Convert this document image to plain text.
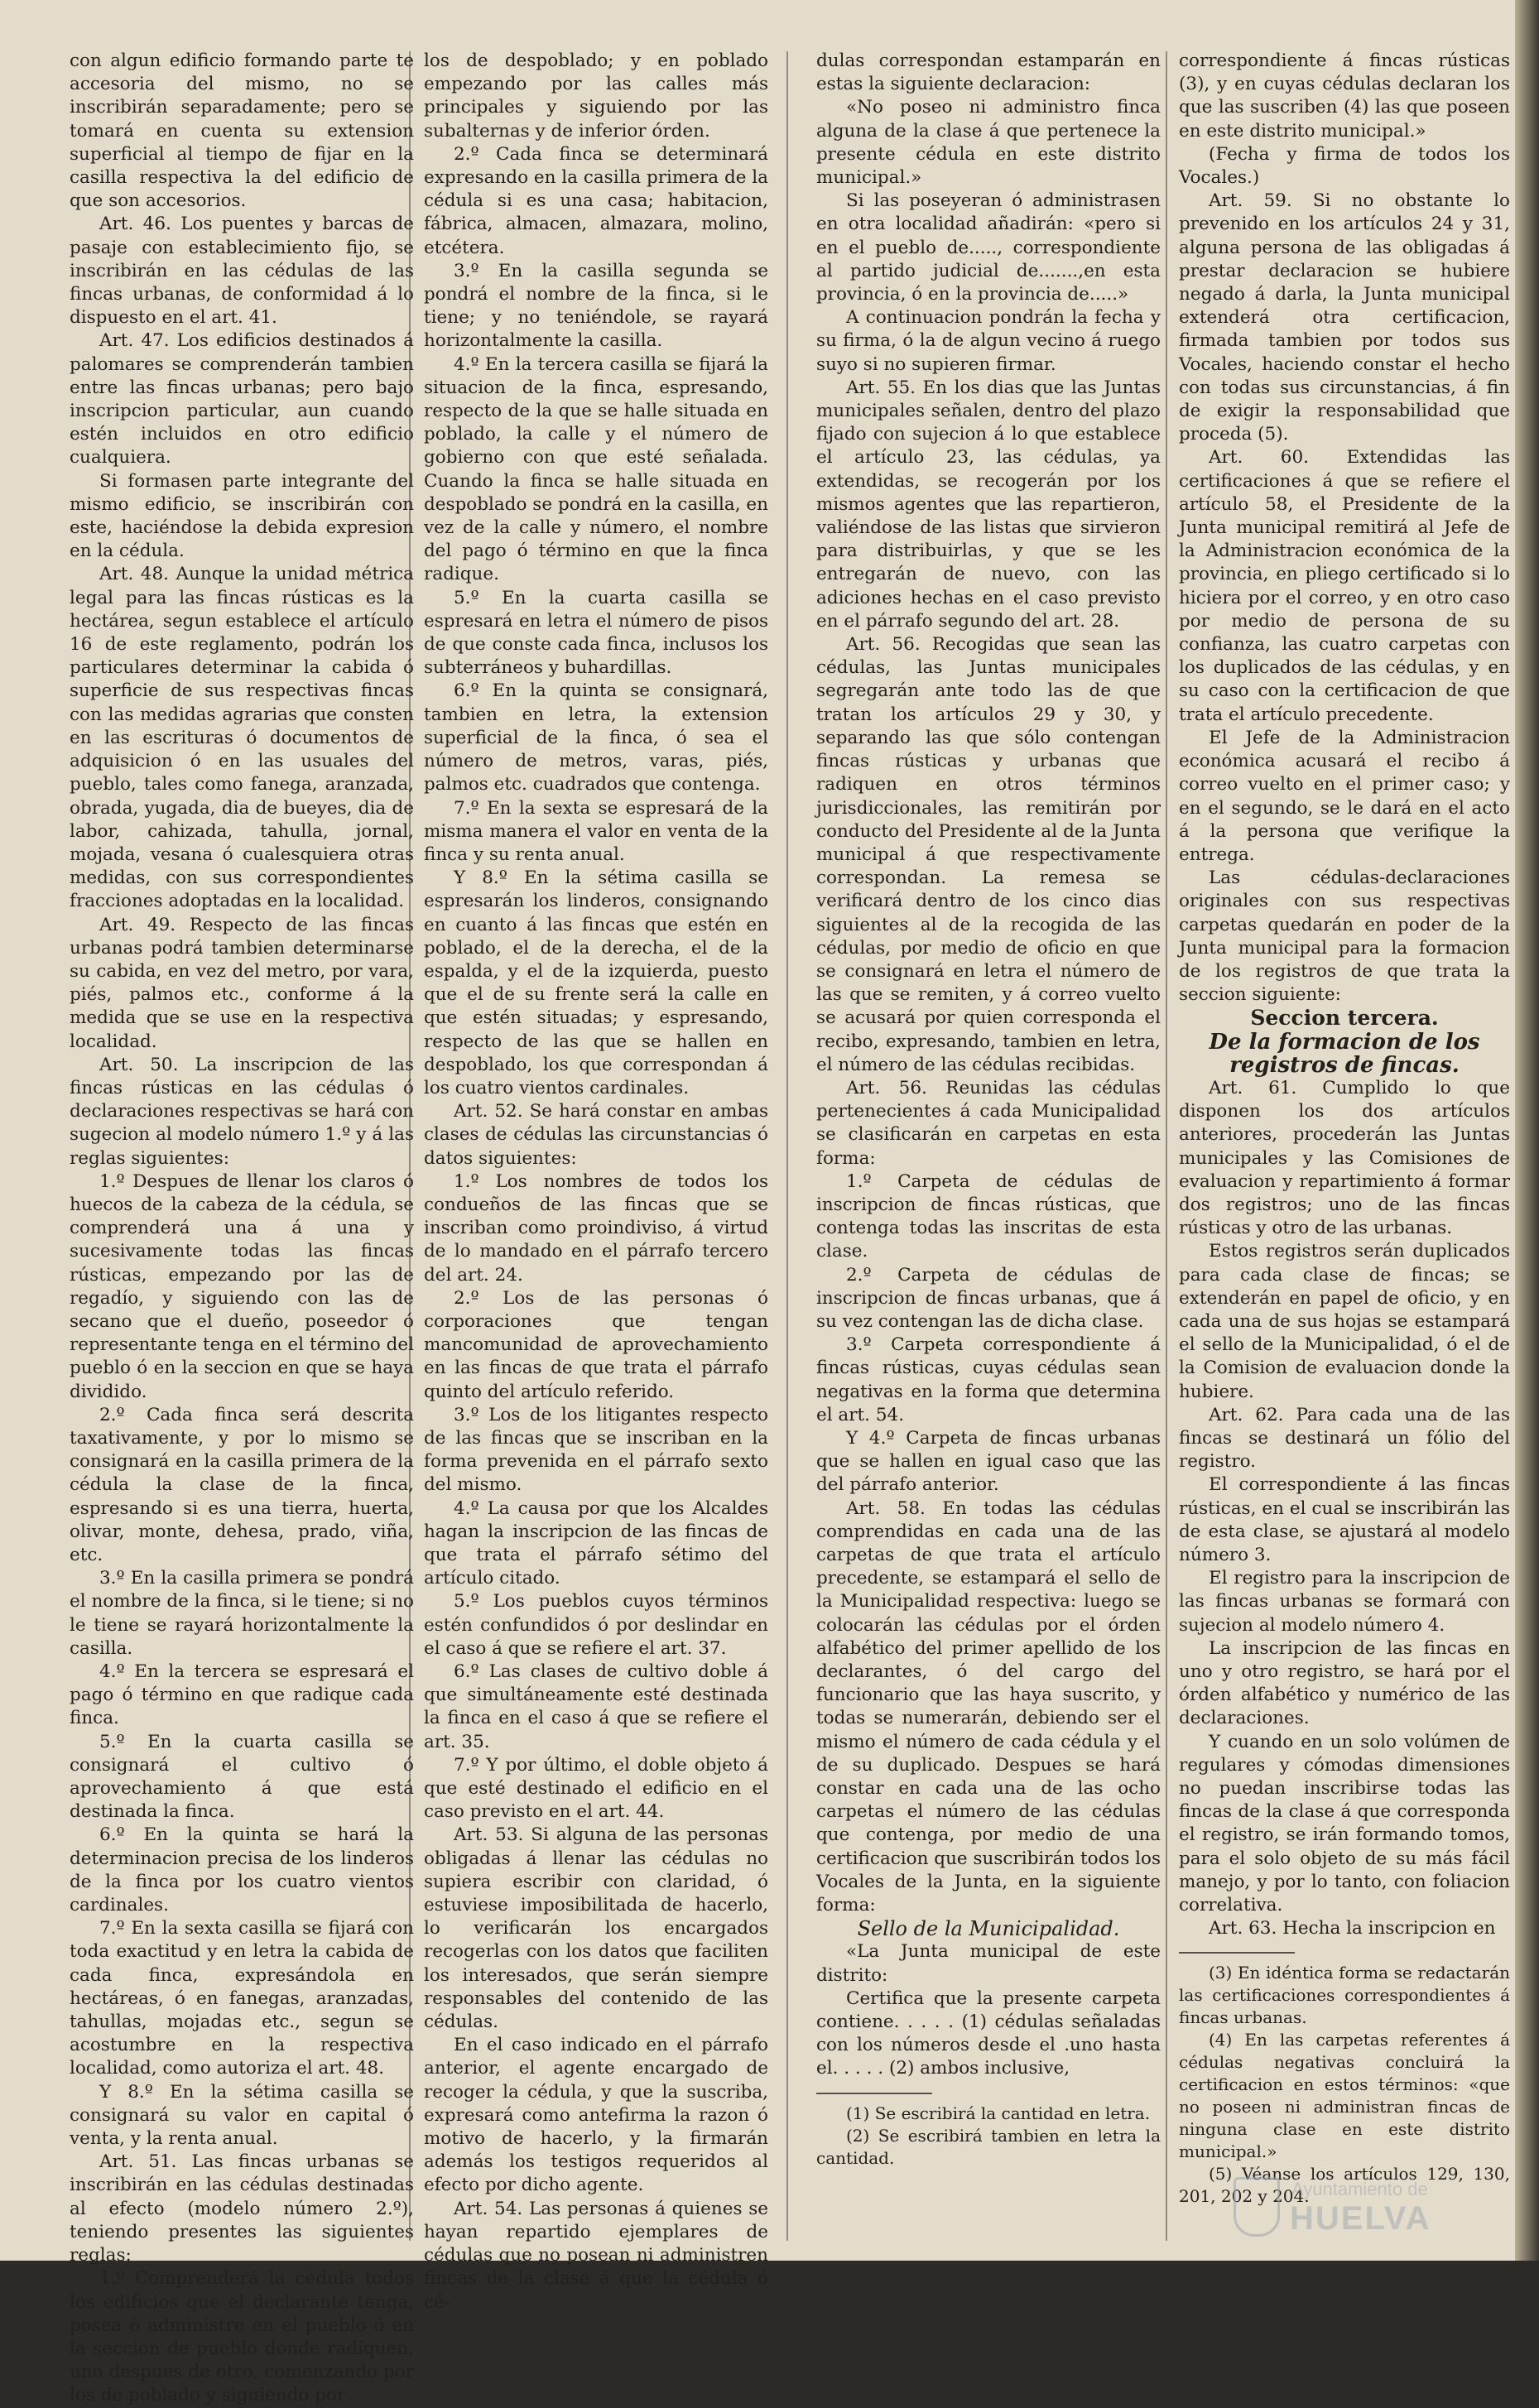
con algun edificio formando parte te accesoria del mismo, no se inscribirán separadamente; pero se tomará en cuenta su extension superficial al tiempo de fijar en la casilla respectiva la del edificio de que son accesorios.

Art. 46. Los puentes y barcas de pasaje con establecimiento fijo, se inscribirán en las cédulas de las fincas urbanas, de conformidad á lo dispuesto en el art. 41.

Art. 47. Los edificios destinados á palomares se comprenderán tambien entre las fincas urbanas; pero bajo inscripcion particular, aun cuando estén incluidos en otro edificio cualquiera.

Si formasen parte integrante del mismo edificio, se inscribirán con este, haciéndose la debida expresion en la cédula.

Art. 48. Aunque la unidad métrica legal para las fincas rústicas es la hectárea, segun establece el artículo 16 de este reglamento, podrán los particulares determinar la cabida ó superficie de sus respectivas fincas con las medidas agrarias que consten en las escrituras ó documentos de adquisicion ó en las usuales del pueblo, tales como fanega, aranzada, obrada, yugada, dia de bueyes, dia de labor, cahizada, tahulla, jornal, mojada, vesana ó cualesquiera otras medidas, con sus correspondientes fracciones adoptadas en la localidad.

Art. 49. Respecto de las fincas urbanas podrá tambien determinarse su cabida, en vez del metro, por vara, piés, palmos etc., conforme á la medida que se use en la respectiva localidad.

Art. 50. La inscripcion de las fincas rústicas en las cédulas ó declaraciones respectivas se hará con sugecion al modelo número 1.º y á las reglas siguientes:

1.º Despues de llenar los claros ó huecos de la cabeza de la cédula, se comprenderá una á una y sucesivamente todas las fincas rústicas, empezando por las de regadío, y siguiendo con las de secano que el dueño, poseedor ó representante tenga en el término del pueblo ó en la seccion en que se haya dividido.

2.º Cada finca será descrita taxativamente, y por lo mismo se consignará en la casilla primera de la cédula la clase de la finca, espresando si es una tierra, huerta, olivar, monte, dehesa, prado, viña, etc.

3.º En la casilla primera se pondrá el nombre de la finca, si le tiene; si no le tiene se rayará horizontalmente la casilla.

4.º En la tercera se espresará el pago ó término en que radique cada finca.

5.º En la cuarta casilla se consignará el cultivo ó aprovechamiento á que está destinada la finca.

6.º En la quinta se hará la determinacion precisa de los linderos de la finca por los cuatro vientos cardinales.

7.º En la sexta casilla se fijará con toda exactitud y en letra la cabida de cada finca, expresándola en hectáreas, ó en fanegas, aranzadas, tahullas, mojadas etc., segun se acostumbre en la respectiva localidad, como autoriza el art. 48.

Y 8.º En la sétima casilla se consignará su valor en capital ó venta, y la renta anual.

Art. 51. Las fincas urbanas se inscribirán en las cédulas destinadas al efecto (modelo número 2.º), teniendo presentes las siguientes reglas:

1.º Comprenderá la cédula todos los edificios que el declarante tenga, posea ó administre en el pueblo ó en la seccion de pueblo donde radiquen, uno despues de otro, comenzando por los de poblado y siguiendo por

los de despoblado; y en poblado empezando por las calles más principales y siguiendo por las subalternas y de inferior órden.

2.º Cada finca se determinará expresando en la casilla primera de la cédula si es una casa; habitacion, fábrica, almacen, almazara, molino, etcétera.

3.º En la casilla segunda se pondrá el nombre de la finca, si le tiene; y no teniéndole, se rayará horizontalmente la casilla.

4.º En la tercera casilla se fijará la situacion de la finca, espresando, respecto de la que se halle situada en poblado, la calle y el número de gobierno con que esté señalada. Cuando la finca se halle situada en despoblado se pondrá en la casilla, en vez de la calle y número, el nombre del pago ó término en que la finca radique.

5.º En la cuarta casilla se espresará en letra el número de pisos de que conste cada finca, inclusos los subterráneos y buhardillas.

6.º En la quinta se consignará, tambien en letra, la extension superficial de la finca, ó sea el número de metros, varas, piés, palmos etc. cuadrados que contenga.

7.º En la sexta se espresará de la misma manera el valor en venta de la finca y su renta anual.

Y 8.º En la sétima casilla se espresarán los linderos, consignando en cuanto á las fincas que estén en poblado, el de la derecha, el de la espalda, y el de la izquierda, puesto que el de su frente será la calle en que estén situadas; y espresando, respecto de las que se hallen en despoblado, los que correspondan á los cuatro vientos cardinales.

Art. 52. Se hará constar en ambas clases de cédulas las circunstancias ó datos siguientes:

1.º Los nombres de todos los condueños de las fincas que se inscriban como proindiviso, á virtud de lo mandado en el párrafo tercero del art. 24.

2.º Los de las personas ó corporaciones que tengan mancomunidad de aprovechamiento en las fincas de que trata el párrafo quinto del artículo referido.

3.º Los de los litigantes respecto de las fincas que se inscriban en la forma prevenida en el párrafo sexto del mismo.

4.º La causa por que los Alcaldes hagan la inscripcion de las fincas de que trata el párrafo sétimo del artículo citado.

5.º Los pueblos cuyos términos estén confundidos ó por deslindar en el caso á que se refiere el art. 37.

6.º Las clases de cultivo doble á que simultáneamente esté destinada la finca en el caso á que se refiere el art. 35.

7.º Y por último, el doble objeto á que esté destinado el edificio en el caso previsto en el art. 44.

Art. 53. Si alguna de las personas obligadas á llenar las cédulas no supiera escribir con claridad, ó estuviese imposibilitada de hacerlo, lo verificarán los encargados recogerlas con los datos que faciliten los interesados, que serán siempre responsables del contenido de las cédulas.

En el caso indicado en el párrafo anterior, el agente encargado de recoger la cédula, y que la suscriba, expresará como antefirma la razon ó motivo de hacerlo, y la firmarán además los testigos requeridos al efecto por dicho agente.

Art. 54. Las personas á quienes se hayan repartido ejemplares de cédulas que no posean ni administren fincas de la clase á que la cédula ó cé-

dulas correspondan estamparán en estas la siguiente declaracion:

«No poseo ni administro finca alguna de la clase á que pertenece la presente cédula en este distrito municipal.»

Si las poseyeran ó administrasen en otra localidad añadirán: «pero si en el pueblo de....., correspondiente al partido judicial de.......,en esta provincia, ó en la provincia de.....»

A continuacion pondrán la fecha y su firma, ó la de algun vecino á ruego suyo si no supieren firmar.

Art. 55. En los dias que las Juntas municipales señalen, dentro del plazo fijado con sujecion á lo que establece el artículo 23, las cédulas, ya extendidas, se recogerán por los mismos agentes que las repartieron, valiéndose de las listas que sirvieron para distribuirlas, y que se les entregarán de nuevo, con las adiciones hechas en el caso previsto en el párrafo segundo del art. 28.

Art. 56. Recogidas que sean las cédulas, las Juntas municipales segregarán ante todo las de que tratan los artículos 29 y 30, y separando las que sólo contengan fincas rústicas y urbanas que radiquen en otros términos jurisdiccionales, las remitirán por conducto del Presidente al de la Junta municipal á que respectivamente correspondan. La remesa se verificará dentro de los cinco dias siguientes al de la recogida de las cédulas, por medio de oficio en que se consignará en letra el número de las que se remiten, y á correo vuelto se acusará por quien corresponda el recibo, expresando, tambien en letra, el número de las cédulas recibidas.

Art. 56. Reunidas las cédulas pertenecientes á cada Municipalidad se clasificarán en carpetas en esta forma:

1.º Carpeta de cédulas de inscripcion de fincas rústicas, que contenga todas las inscritas de esta clase.

2.º Carpeta de cédulas de inscripcion de fincas urbanas, que á su vez contengan las de dicha clase.

3.º Carpeta correspondiente á fincas rústicas, cuyas cédulas sean negativas en la forma que determina el art. 54.

Y 4.º Carpeta de fincas urbanas que se hallen en igual caso que las del párrafo anterior.

Art. 58. En todas las cédulas comprendidas en cada una de las carpetas de que trata el artículo precedente, se estampará el sello de la Municipalidad respectiva: luego se colocarán las cédulas por el órden alfabético del primer apellido de los declarantes, ó del cargo del funcionario que las haya suscrito, y todas se numerarán, debiendo ser el mismo el número de cada cédula y el de su duplicado. Despues se hará constar en cada una de las ocho carpetas el número de las cédulas que contenga, por medio de una certificacion que suscribirán todos los Vocales de la Junta, en la siguiente forma:

Sello de la Municipalidad.

«La Junta municipal de este distrito:

Certifica que la presente carpeta contiene. . . . . (1) cédulas señaladas con los números desde el .uno hasta el. . . . . (2) ambos inclusive,

(1) Se escribirá la cantidad en letra.

(2) Se escribirá tambien en letra la cantidad.

correspondiente á fincas rústicas (3), y en cuyas cédulas declaran los que las suscriben (4) las que poseen en este distrito municipal.»

(Fecha y firma de todos los Vocales.)

Art. 59. Si no obstante lo prevenido en los artículos 24 y 31, alguna persona de las obligadas á prestar declaracion se hubiere negado á darla, la Junta municipal extenderá otra certificacion, firmada tambien por todos sus Vocales, haciendo constar el hecho con todas sus circunstancias, á fin de exigir la responsabilidad que proceda (5).

Art. 60. Extendidas las certificaciones á que se refiere el artículo 58, el Presidente de la Junta municipal remitirá al Jefe de la Administracion económica de la provincia, en pliego certificado si lo hiciera por el correo, y en otro caso por medio de persona de su confianza, las cuatro carpetas con los duplicados de las cédulas, y en su caso con la certificacion de que trata el artículo precedente.

El Jefe de la Administracion económica acusará el recibo á correo vuelto en el primer caso; y en el segundo, se le dará en el acto á la persona que verifique la entrega.

Las cédulas-declaraciones originales con sus respectivas carpetas quedarán en poder de la Junta municipal para la formacion de los registros de que trata la seccion siguiente:

Seccion tercera.

De la formacion de los registros de fincas.

Art. 61. Cumplido lo que disponen los dos artículos anteriores, procederán las Juntas municipales y las Comisiones de evaluacion y repartimiento á formar dos registros; uno de las fincas rústicas y otro de las urbanas.

Estos registros serán duplicados para cada clase de fincas; se extenderán en papel de oficio, y en cada una de sus hojas se estampará el sello de la Municipalidad, ó el de la Comision de evaluacion donde la hubiere.

Art. 62. Para cada una de las fincas se destinará un fólio del registro.

El correspondiente á las fincas rústicas, en el cual se inscribirán las de esta clase, se ajustará al modelo número 3.

El registro para la inscripcion de las fincas urbanas se formará con sujecion al modelo número 4.

La inscripcion de las fincas en uno y otro registro, se hará por el órden alfabético y numérico de las declaraciones.

Y cuando en un solo volúmen de regulares y cómodas dimensiones no puedan inscribirse todas las fincas de la clase á que corresponda el registro, se irán formando tomos, para el solo objeto de su más fácil manejo, y por lo tanto, con foliacion correlativa.

Art. 63. Hecha la inscripcion en

(3) En idéntica forma se redactarán las certificaciones correspondientes á fincas urbanas.

(4) En las carpetas referentes á cédulas negativas concluirá la certificacion en estos términos: «que no poseen ni administran fincas de ninguna clase en este distrito municipal.»

(5) Véanse los artículos 129, 130, 201, 202 y 204.

Ayuntamiento de
HUELVA
